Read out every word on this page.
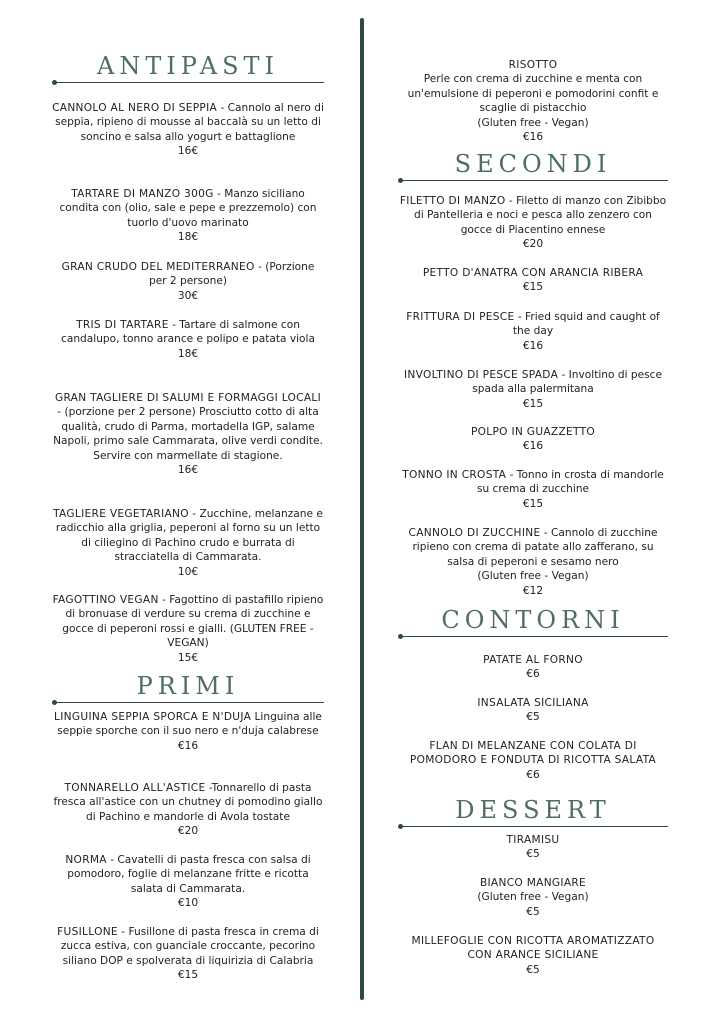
ANTIPASTI
CANNOLO AL NERO DI SEPPIA - Cannolo al nero di seppia, ripieno di mousse al baccalà su un letto di soncino e salsa allo yogurt e battaglione
16€
TARTARE DI MANZO 300G - Manzo siciliano condita con (olio, sale e pepe e prezzemolo) con tuorlo d'uovo marinato
18€
GRAN CRUDO DEL MEDITERRANEO - (Porzione per 2 persone)
30€
TRIS DI TARTARE - Tartare di salmone con candalupo, tonno arance e polipo e patata viola
18€
GRAN TAGLIERE DI SALUMI E FORMAGGI LOCALI - (porzione per 2 persone) Prosciutto cotto di alta qualità, crudo di Parma, mortadella IGP, salame Napoli, primo sale Cammarata, olive verdi condite. Servire con marmellate di stagione.
16€
TAGLIERE VEGETARIANO - Zucchine, melanzane e radicchio alla griglia, peperoni al forno su un letto di ciliegino di Pachino crudo e burrata di stracciatella di Cammarata.
10€
FAGOTTINO VEGAN - Fagottino di pastafillo ripieno di bronuase di verdure su crema di zucchine e gocce di peperoni rossi e gialli. (GLUTEN FREE - VEGAN)
15€
PRIMI
LINGUINA SEPPIA SPORCA E N'DUJA Linguina alle seppie sporche con il suo nero e n'duja calabrese
€16
TONNARELLO ALL'ASTICE -Tonnarello di pasta fresca all'astice con un chutney di pomodino giallo di Pachino e mandorle di Avola tostate
€20
NORMA - Cavatelli di pasta fresca con salsa di pomodoro, foglie di melanzane fritte e ricotta salata di Cammarata.
€10
FUSILLONE - Fusillone di pasta fresca in crema di zucca estiva, con guanciale croccante, pecorino siliano DOP e spolverata di liquirizia di Calabria
€15
RISOTTO
Perle con crema di zucchine e menta con un'emulsione di peperoni e pomodorini confit e scaglie di pistacchio
(Gluten free - Vegan)
€16
SECONDI
FILETTO DI MANZO - Filetto di manzo con Zibibbo di Pantelleria e noci e pesca allo zenzero con gocce di Piacentino ennese
€20
PETTO D'ANATRA CON ARANCIA RIBERA
€15
FRITTURA DI PESCE - Fried squid and caught of the day
€16
INVOLTINO DI PESCE SPADA - Involtino di pesce spada alla palermitana
€15
POLPO IN GUAZZETTO
€16
TONNO IN CROSTA - Tonno in crosta di mandorle su crema di zucchine
€15
CANNOLO DI ZUCCHINE - Cannolo di zucchine ripieno con crema di patate allo zafferano, su salsa di peperoni e sesamo nero
(Gluten free - Vegan)
€12
CONTORNI
PATATE AL FORNO
€6
INSALATA SICILIANA
€5
FLAN DI MELANZANE CON COLATA DI POMODORO E FONDUTA DI RICOTTA SALATA
€6
DESSERT
TIRAMISU
€5
BIANCO MANGIARE
(Gluten free - Vegan)
€5
MILLEFOGLIE CON RICOTTA AROMATIZZATO CON ARANCE SICILIANE
€5
